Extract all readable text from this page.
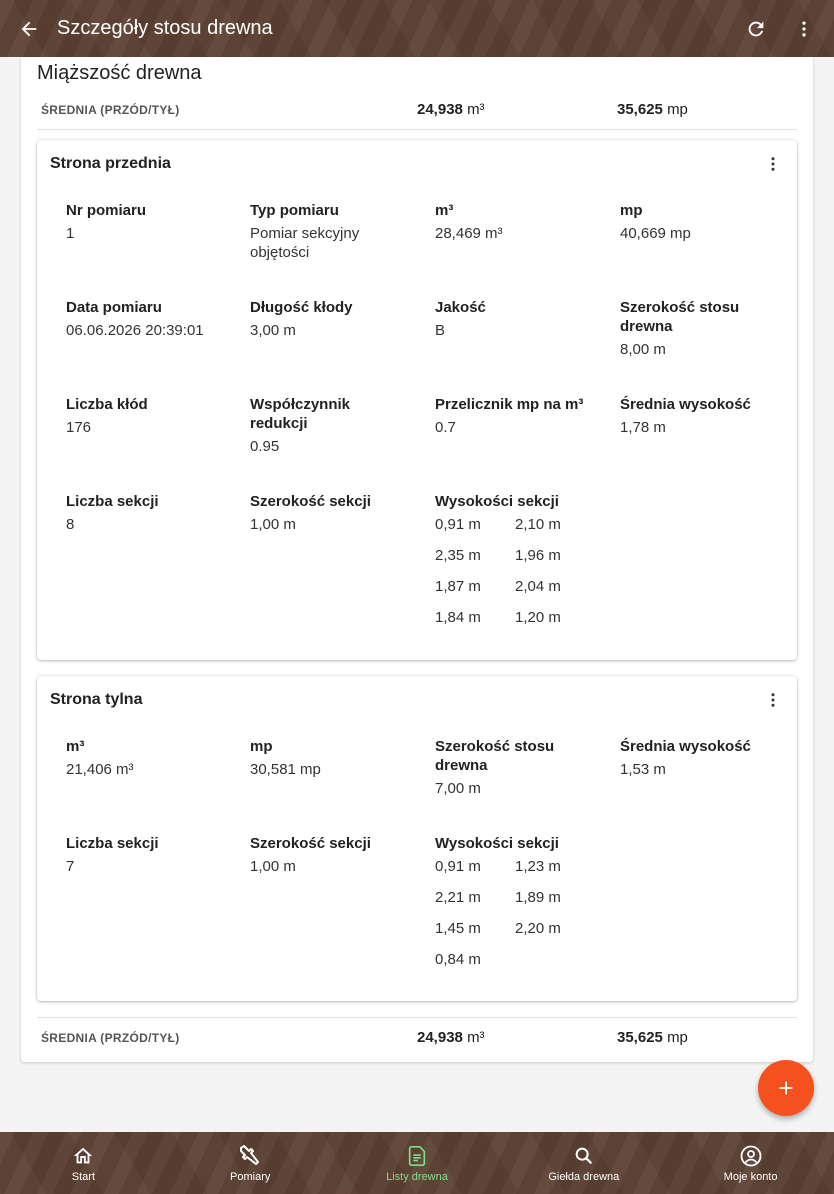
Szczegóły stosu drewna
Miąższość drewna
ŚREDNIA (PRZÓD/TYŁ)	24,938 m³	35,625 mp
Strona przednia
Nr pomiaru
1
Typ pomiaru
Pomiar sekcyjny objętości
m³
28,469 m³
mp
40,669 mp
Data pomiaru
06.06.2026 20:39:01
Długość kłody
3,00 m
Jakość
B
Szerokość stosu drewna
8,00 m
Liczba kłód
176
Współczynnik redukcji
0.95
Przelicznik mp na m³
0.7
Średnia wysokość
1,78 m
Liczba sekcji
8
Szerokość sekcji
1,00 m
Wysokości sekcji
0,91 m	2,10 m
2,35 m	1,96 m
1,87 m	2,04 m
1,84 m	1,20 m
Strona tylna
m³
21,406 m³
mp
30,581 mp
Szerokość stosu drewna
7,00 m
Średnia wysokość
1,53 m
Liczba sekcji
7
Szerokość sekcji
1,00 m
Wysokości sekcji
0,91 m	1,23 m
2,21 m	1,89 m
1,45 m	2,20 m
0,84 m
ŚREDNIA (PRZÓD/TYŁ)	24,938 m³	35,625 mp
Start	Pomiary	Listy drewna	Giełda drewna	Moje konto
